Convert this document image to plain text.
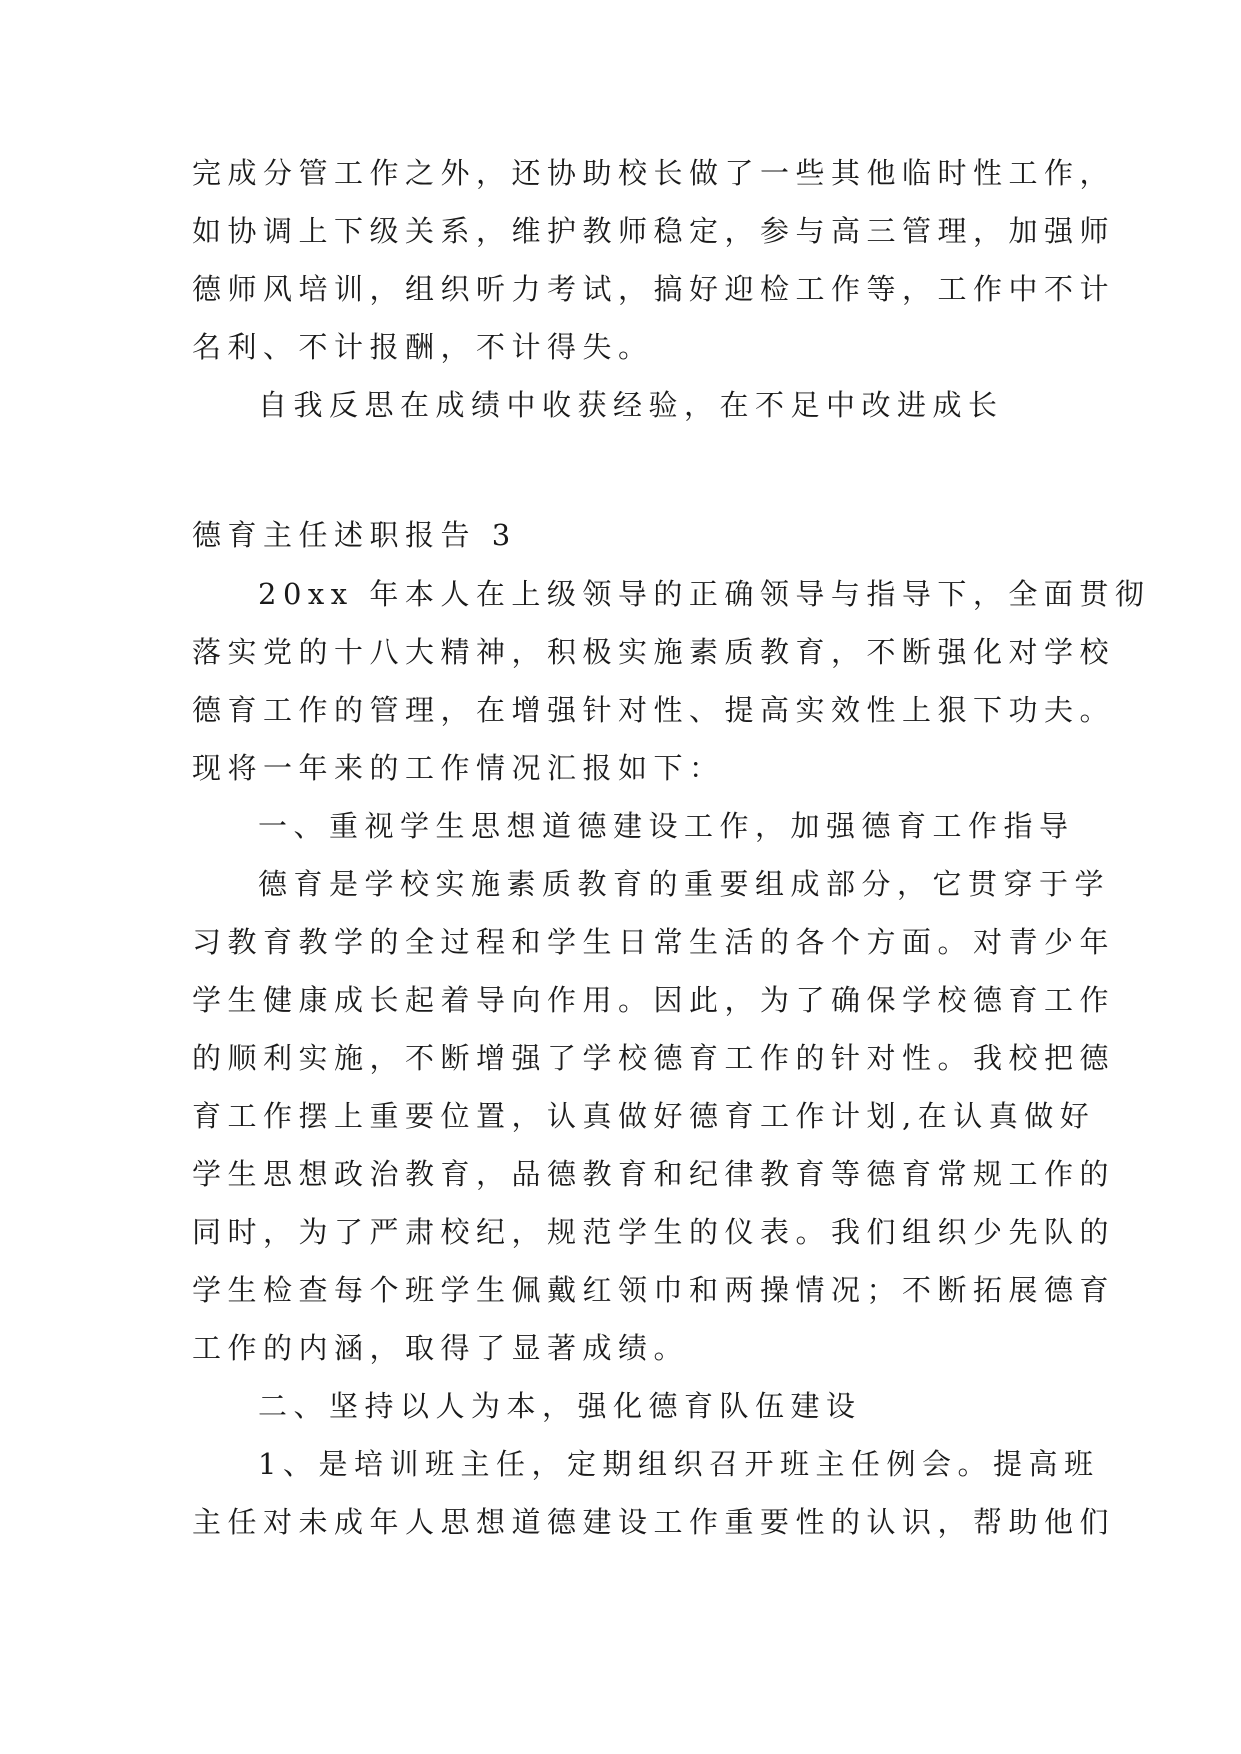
完成分管工作之外，还协助校长做了一些其他临时性工作，
如协调上下级关系，维护教师稳定，参与高三管理，加强师
德师风培训，组织听力考试，搞好迎检工作等，工作中不计
名利、不计报酬，不计得失。
自我反思在成绩中收获经验，在不足中改进成长
德育主任述职报告 3
20xx 年本人在上级领导的正确领导与指导下，全面贯彻
落实党的十八大精神，积极实施素质教育，不断强化对学校
德育工作的管理，在增强针对性、提高实效性上狠下功夫。
现将一年来的工作情况汇报如下：
一、重视学生思想道德建设工作，加强德育工作指导
德育是学校实施素质教育的重要组成部分，它贯穿于学
习教育教学的全过程和学生日常生活的各个方面。对青少年
学生健康成长起着导向作用。因此，为了确保学校德育工作
的顺利实施，不断增强了学校德育工作的针对性。我校把德
育工作摆上重要位置，认真做好德育工作计划,在认真做好
学生思想政治教育，品德教育和纪律教育等德育常规工作的
同时，为了严肃校纪，规范学生的仪表。我们组织少先队的
学生检查每个班学生佩戴红领巾和两操情况；不断拓展德育
工作的内涵，取得了显著成绩。
二、坚持以人为本，强化德育队伍建设
1、是培训班主任，定期组织召开班主任例会。提高班
主任对未成年人思想道德建设工作重要性的认识，帮助他们
